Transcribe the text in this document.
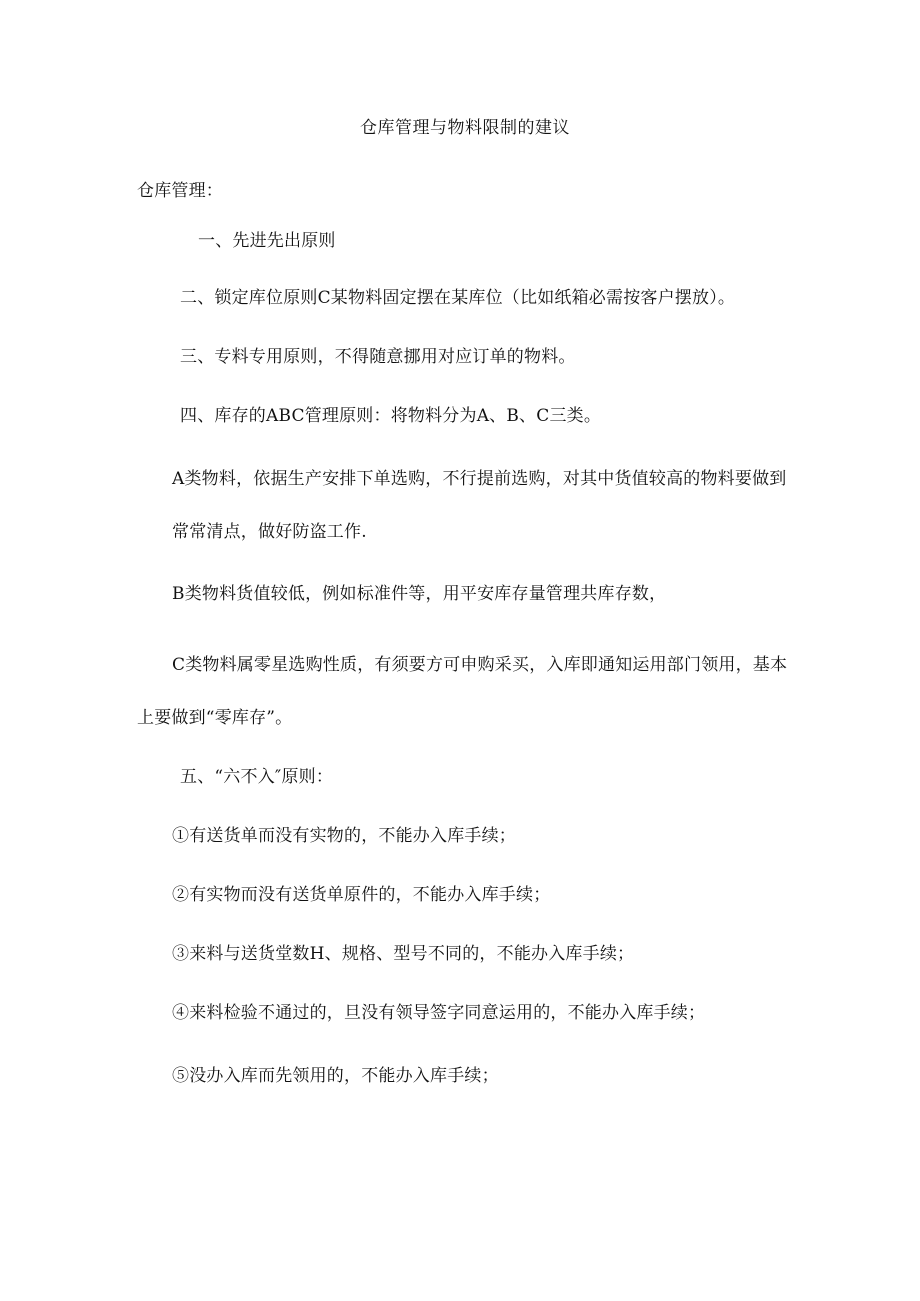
仓库管理与物料限制的建议
仓库管理：
一、先进先出原则
二、锁定库位原则C某物料固定摆在某库位（比如纸箱必需按客户摆放）。
三、专料专用原则，不得随意挪用对应订单的物料。
四、库存的ABC管理原则：将物料分为A、B、C三类。
A类物料，依据生产安排下单选购，不行提前选购，对其中货值较高的物料要做到
常常清点，做好防盗工作.
B类物料货值较低，例如标准件等，用平安库存量管理共库存数，
C类物料属零星选购性质，有须要方可申购采买，入库即通知运用部门领用，基本
上要做到“零库存”。
五、“六不入″原则：
①有送货单而没有实物的，不能办入库手续；
②有实物而没有送货单原件的，不能办入库手续；
③来料与送货堂数H、规格、型号不同的，不能办入库手续；
④来料检验不通过的，旦没有领导签字同意运用的，不能办入库手续；
⑤没办入库而先领用的，不能办入库手续；
